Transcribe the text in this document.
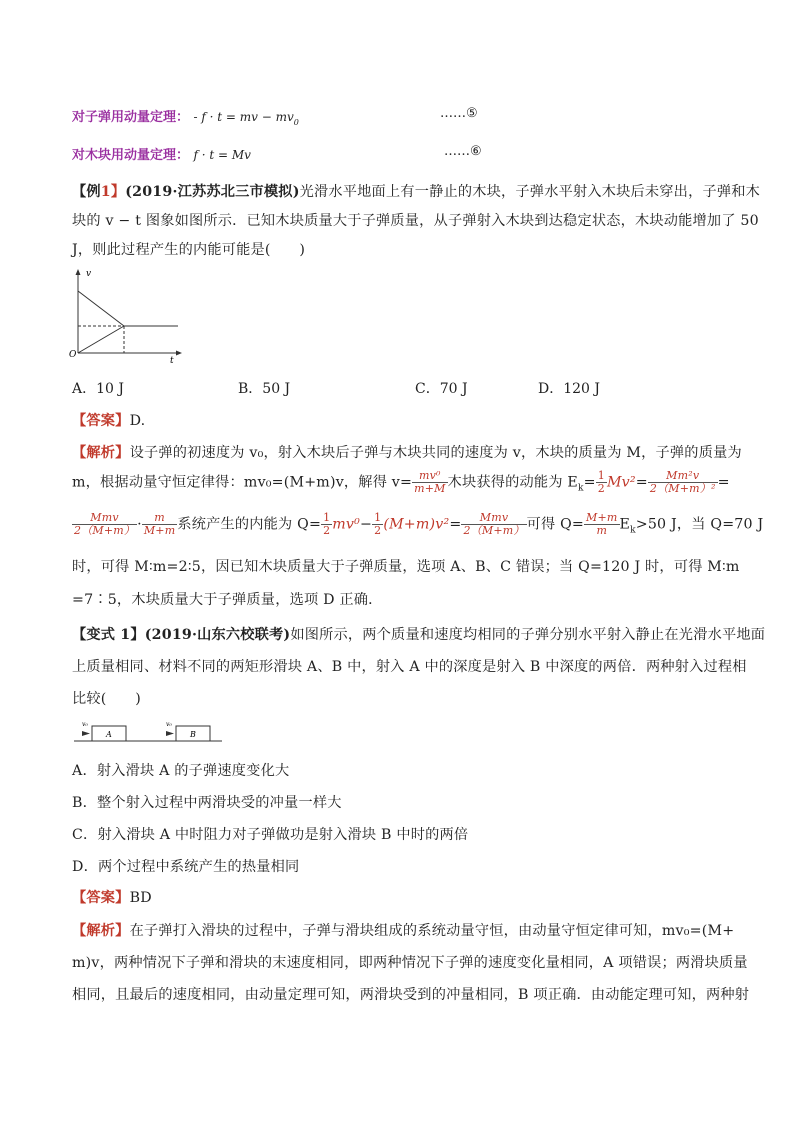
对子弹用动量定理： - f · t = mv − $mv_0$
……⑤
对木块用动量定理： f · t = Mv	……⑥
【例1】(2019·江苏苏北三市模拟)光滑水平地面上有一静止的木块，子弹水平射入木块后未穿出，子弹和木
块的 v − t 图象如图所示．已知木块质量大于子弹质量，从子弹射入木块到达稳定状态，木块动能增加了 50
J，则此过程产生的内能可能是(　　)
v
t
O
A．10 J	B．50 J	C．70 J	D．120 J
【答案】D.
【解析】设子弹的初速度为 v₀，射入木块后子弹与木块共同的速度为 v，木块的质量为 M，子弹的质量为
m，根据动量守恒定律得：mv₀=(M+m)v，解得 $v= \frac{\text{mv⁰}}{m+M}$ 木块获得的动能为 $E_k= \frac{1}{2} Mv^2= \frac{\text{Mm²v}}{\text{2（M+m）²}}$ =
$\frac{\text{Mmv}}{2(M+m)} \cdot \frac{m}{M+m}$ 系统产生的内能为 $Q= \frac{1}{2} mv^0- \frac{1}{2} (M+m)v^2= \frac{\text{Mmv}}{2(M+m)}$ 可得 $Q= \frac{M+m}{m} E_k>50$ J，当 Q=70 J
时，可得 M∶m=2∶5，因已知木块质量大于子弹质量，选项 A、B、C 错误；当 Q=120 J 时，可得 M∶m
=7∶5，木块质量大于子弹质量，选项 D 正确．
【变式 1】(2019·山东六校联考)如图所示，两个质量和速度均相同的子弹分别水平射入静止在光滑水平地面
上质量相同、材料不同的两矩形滑块 A、B 中，射入 A 中的深度是射入 B 中深度的两倍．两种射入过程相
比较(　　)
A
v₀
B
v₀
A．射入滑块 A 的子弹速度变化大
B．整个射入过程中两滑块受的冲量一样大
C．射入滑块 A 中时阻力对子弹做功是射入滑块 B 中时的两倍
D．两个过程中系统产生的热量相同
【答案】BD
【解析】在子弹打入滑块的过程中，子弹与滑块组成的系统动量守恒，由动量守恒定律可知，mv₀=(M+
m)v，两种情况下子弹和滑块的末速度相同，即两种情况下子弹的速度变化量相同，A 项错误；两滑块质量
相同，且最后的速度相同，由动量定理可知，两滑块受到的冲量相同，B 项正确．由动能定理可知，两种射
